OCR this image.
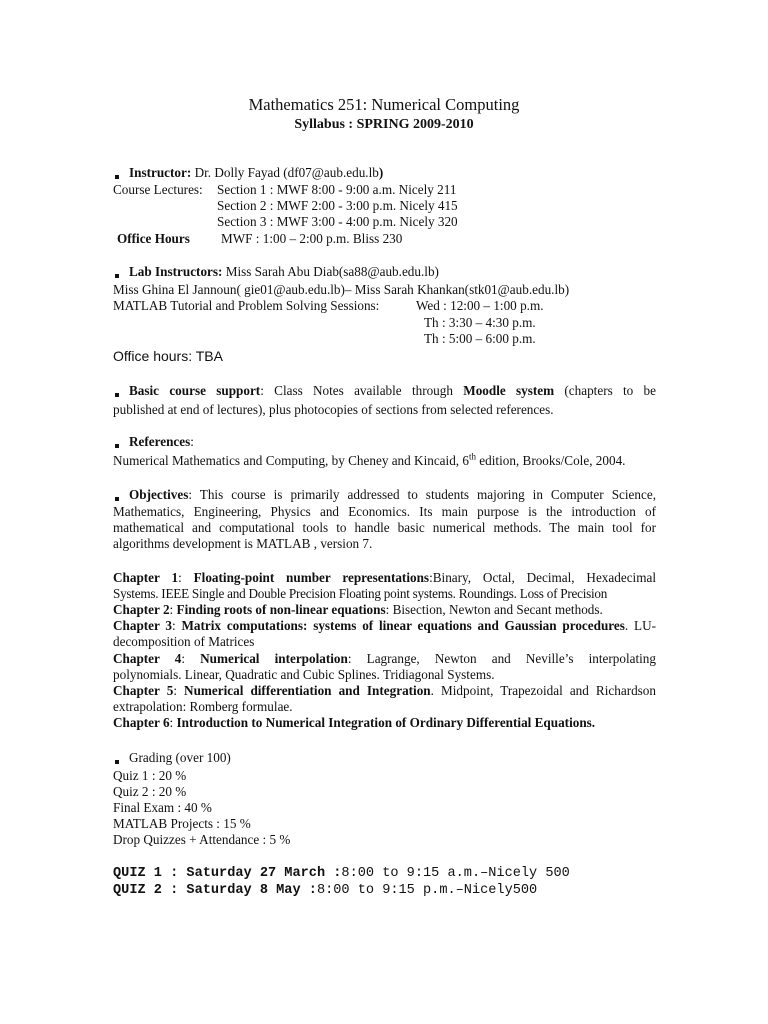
Mathematics 251: Numerical Computing
Syllabus : SPRING 2009-2010
Instructor: Dr. Dolly Fayad (df07@aub.edu.lb)
Course Lectures: Section 1 : MWF 8:00 - 9:00 a.m. Nicely 211
Section 2 : MWF 2:00 - 3:00 p.m. Nicely 415
Section 3 : MWF 3:00 - 4:00 p.m. Nicely 320
Office Hours MWF : 1:00 – 2:00 p.m. Bliss 230
Lab Instructors: Miss Sarah Abu Diab(sa88@aub.edu.lb)
Miss Ghina El Jannoun( gie01@aub.edu.lb)– Miss Sarah Khankan(stk01@aub.edu.lb)
MATLAB Tutorial and Problem Solving Sessions:	Wed : 12:00 – 1:00 p.m.
Th : 3:30 – 4:30 p.m.
Th : 5:00 – 6:00 p.m.
Office hours: TBA
Basic course support: Class Notes available through Moodle system (chapters to be
published at end of lectures), plus photocopies of sections from selected references.
References:
Numerical Mathematics and Computing, by Cheney and Kincaid, 6th edition, Brooks/Cole, 2004.
Objectives: This course is primarily addressed to students majoring in Computer Science,
Mathematics, Engineering, Physics and Economics. Its main purpose is the introduction of
mathematical and computational tools to handle basic numerical methods. The main tool for
algorithms development is MATLAB , version 7.
Chapter 1: Floating-point number representations:Binary, Octal, Decimal, Hexadecimal
Systems. IEEE Single and Double Precision Floating point systems. Roundings. Loss of Precision
Chapter 2: Finding roots of non-linear equations: Bisection, Newton and Secant methods.
Chapter 3: Matrix computations: systems of linear equations and Gaussian procedures. LU-
decomposition of Matrices
Chapter 4: Numerical interpolation: Lagrange, Newton and Neville’s interpolating
polynomials. Linear, Quadratic and Cubic Splines. Tridiagonal Systems.
Chapter 5: Numerical differentiation and Integration. Midpoint, Trapezoidal and Richardson
extrapolation: Romberg formulae.
Chapter 6: Introduction to Numerical Integration of Ordinary Differential Equations.
Grading (over 100)
Quiz 1 : 20 %
Quiz 2 : 20 %
Final Exam : 40 %
MATLAB Projects : 15 %
Drop Quizzes + Attendance : 5 %
QUIZ 1 : Saturday 27 March :8:00 to 9:15 a.m.–Nicely 500
QUIZ 2 : Saturday 8 May :8:00 to 9:15 p.m.–Nicely500
